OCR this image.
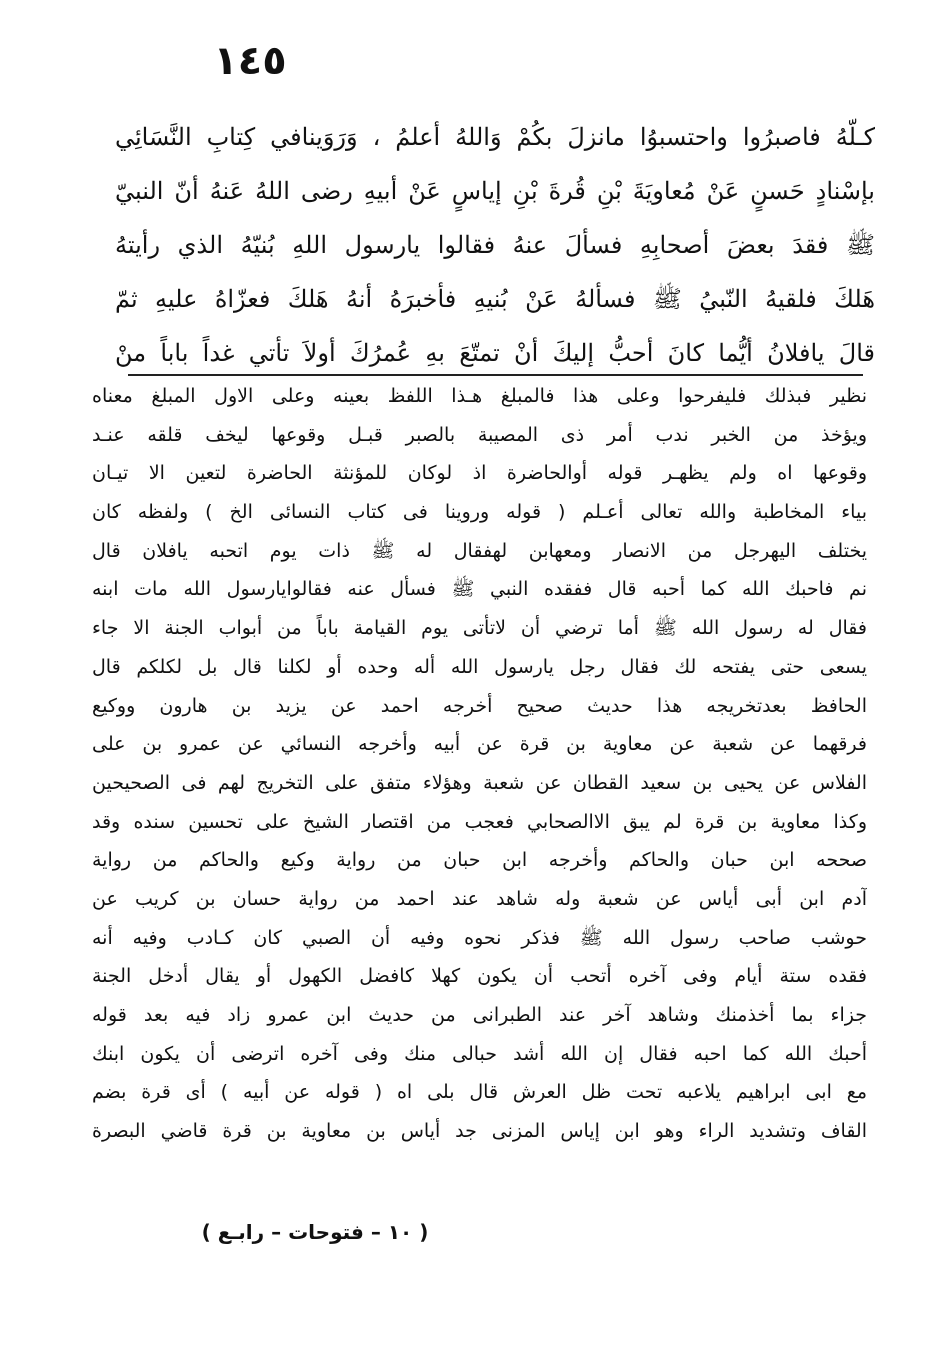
١٤٥
كـلّهُ فاصبرُوا واحتسبوُا مانزلَ بكُمْ وَاللهُ أعلمُ ، وَرَوَينافي كِتابِ النَّسَائِي
بإسْنادٍ حَسنٍ عَنْ مُعاويَةَ بْنِ قُرةَ بْنِ إياسٍ عَنْ أبيهِ رضى اللهُ عَنهُ أنّ النبيّ
ﷺ فقدَ بعضَ أصحابِهِ فسألَ عنهُ فقالوا يارسول اللهِ بُنيّهُ الذي رأيتهُ
هَلكَ فلقيهُ النّبيُ ﷺ فسألهُ عَنْ بُنيهِ فأخبرَهُ أنهُ هَلكَ فعزّاهُ عليهِ ثمّ
قالَ يافلانُ أيُّما كانَ أحبُّ إليكَ أنْ تمتّعَ بهِ عُمرُكَ أولاَ تأتي غداً باباً منْ
نظير فبذلك فليفرحوا وعلى هذا فالمبلغ هـذا اللفظ بعينه وعلى الاول المبلغ معناه
ويؤخذ من الخبر ندب أمر ذى المصيبة بالصبر قبـل وقوعها ليخف قلقه عنـد
وقوعها اه ولم يظهـر قوله أوالحاضرة اذ لوكان للمؤنثة الحاضرة لتعين الا تيـان
بياء المخاطبة والله تعالى أعـلم ( قوله وروينا فى كتاب النسائى الخ ) ولفظه كان
يختلف اليهرجل من الانصار ومعهابن لهفقال له ﷺ ذات يوم اتحبه يافلان قال
نم فاحبك الله كما أحبه قال ففقده النبي ﷺ فسأل عنه فقالوايارسول الله مات ابنه
فقال له رسول الله ﷺ أما ترضي أن لاتأتى يوم القيامة باباً من أبواب الجنة الا جاء
يسعى حتى يفتحه لك فقال رجل يارسول الله أله وحده أو لكلنا قال بل لكلكم قال
الحافظ بعدتخريجه هذا حديث صحيح أخرجه احمد عن يزيد بن هارون ووكيع
فرقهما عن شعبة عن معاوية بن قرة عن أبيه وأخرجه النسائي عن عمرو بن على
الفلاس عن يحيى بن سعيد القطان عن شعبة وهؤلاء متفق على التخريج لهم فى الصحيحين
وكذا معاوية بن قرة لم يبق الاالصحابي فعجب من اقتصار الشيخ على تحسين سنده وقد
صححه ابن حبان والحاكم وأخرجه ابن حبان من رواية وكيع والحاكم من رواية
آدم ابن أبى أياس عن شعبة وله شاهد عند احمد من رواية حسان بن كريب عن
حوشب صاحب رسول الله ﷺ فذكر نحوه وفيه أن الصبي كان كـادب وفيه أنه
فقده ستة أيام وفى آخره أتحب أن يكون كهلا كافضل الكهول أو يقال أدخل الجنة
جزاء بما أخذمنك وشاهد آخر عند الطبرانى من حديث ابن عمرو زاد فيه بعد قوله
أحبك الله كما احبه فقال إن الله أشد حبالى منك وفى آخره اترضى أن يكون ابنك
مع ابى ابراهيم يلاعبه تحت ظل العرش قال بلى اه ( قوله عن أبيه ) أى قرة بضم
القاف وتشديد الراء وهو ابن إياس المزنى جد أياس بن معاوية بن قرة قاضي البصرة
( ١٠ – فتوحات – رابـع )
